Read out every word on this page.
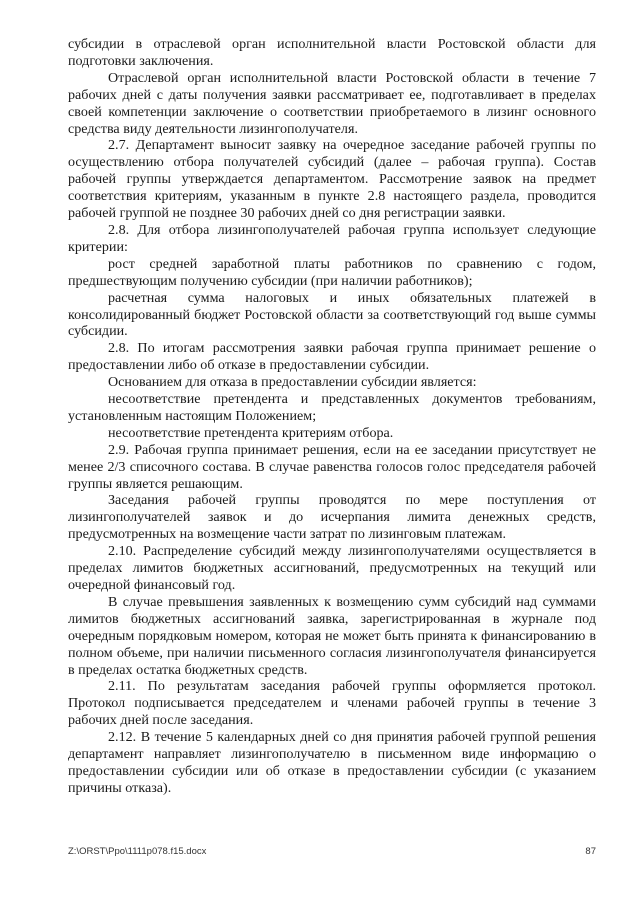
субсидии в отраслевой орган исполнительной власти Ростовской области для подготовки заключения.

Отраслевой орган исполнительной власти Ростовской области в течение 7 рабочих дней с даты получения заявки рассматривает ее, подготавливает в пределах своей компетенции заключение о соответствии приобретаемого в лизинг основного средства виду деятельности лизингополучателя.

2.7. Департамент выносит заявку на очередное заседание рабочей группы по осуществлению отбора получателей субсидий (далее – рабочая группа). Состав рабочей группы утверждается департаментом. Рассмотрение заявок на предмет соответствия критериям, указанным в пункте 2.8 настоящего раздела, проводится рабочей группой не позднее 30 рабочих дней со дня регистрации заявки.

2.8. Для отбора лизингополучателей рабочая группа использует следующие критерии:

рост средней заработной платы работников по сравнению с годом, предшествующим получению субсидии (при наличии работников);

расчетная сумма налоговых и иных обязательных платежей в консолидированный бюджет Ростовской области за соответствующий год выше суммы субсидии.

2.8. По итогам рассмотрения заявки рабочая группа принимает решение о предоставлении либо об отказе в предоставлении субсидии.

Основанием для отказа в предоставлении субсидии является:

несоответствие претендента и представленных документов требованиям, установленным настоящим Положением;

несоответствие претендента критериям отбора.

2.9. Рабочая группа принимает решения, если на ее заседании присутствует не менее 2/3 списочного состава. В случае равенства голосов голос председателя рабочей группы является решающим.

Заседания рабочей группы проводятся по мере поступления от лизингополучателей заявок и до исчерпания лимита денежных средств, предусмотренных на возмещение части затрат по лизинговым платежам.

2.10. Распределение субсидий между лизингополучателями осуществляется в пределах лимитов бюджетных ассигнований, предусмотренных на текущий или очередной финансовый год.

В случае превышения заявленных к возмещению сумм субсидий над суммами лимитов бюджетных ассигнований заявка, зарегистрированная в журнале под очередным порядковым номером, которая не может быть принята к финансированию в полном объеме, при наличии письменного согласия лизингополучателя финансируется в пределах остатка бюджетных средств.

2.11. По результатам заседания рабочей группы оформляется протокол. Протокол подписывается председателем и членами рабочей группы в течение 3 рабочих дней после заседания.

2.12. В течение 5 календарных дней со дня принятия рабочей группой решения департамент направляет лизингополучателю в письменном виде информацию о предоставлении субсидии или об отказе в предоставлении субсидии (с указанием причины отказа).

Z:\ORST\Ppo\1111p078.f15.docx	87
